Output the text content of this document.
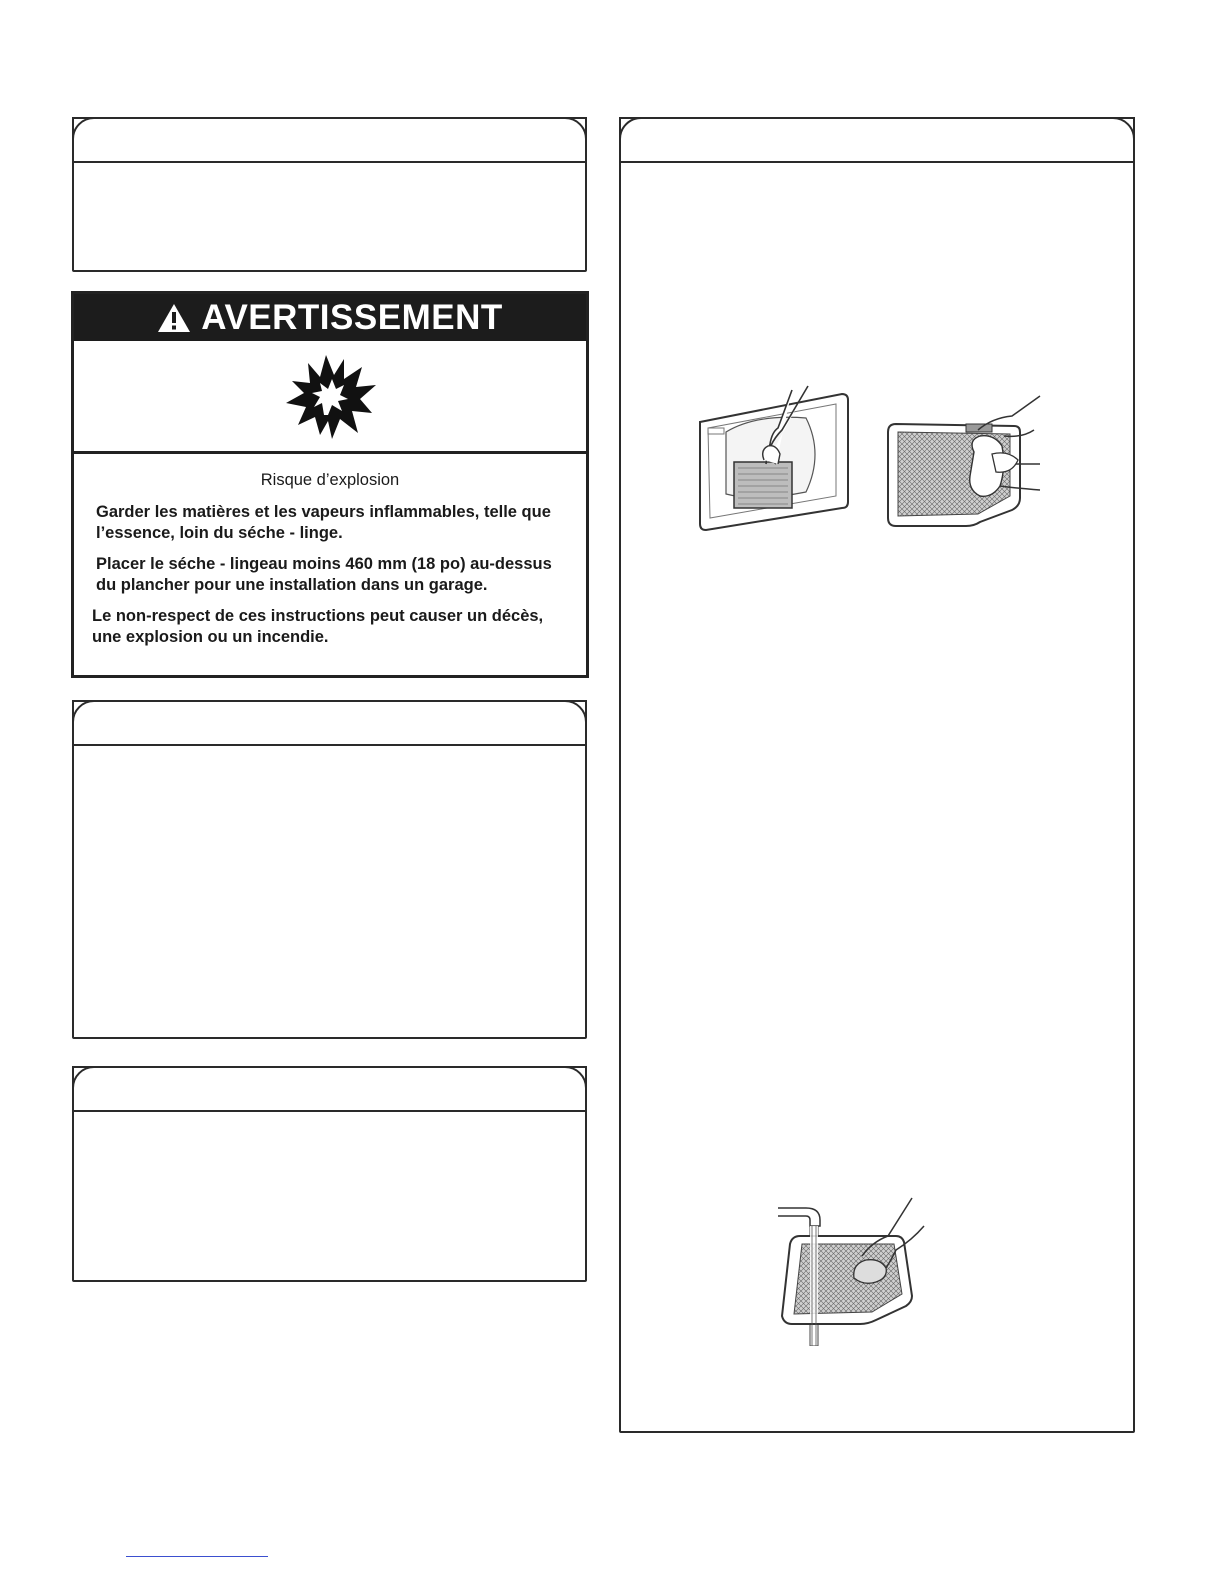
AVERTISSEMENT
Risque d’explosion

Garder les matières et les vapeurs inflammables, telle que l’essence, loin du séche - linge.

Placer le séche - lingeau moins 460 mm (18 po) au-dessus du plancher pour une installation dans un garage.

Le non-respect de ces instructions peut causer un décès, une explosion ou un incendie.
